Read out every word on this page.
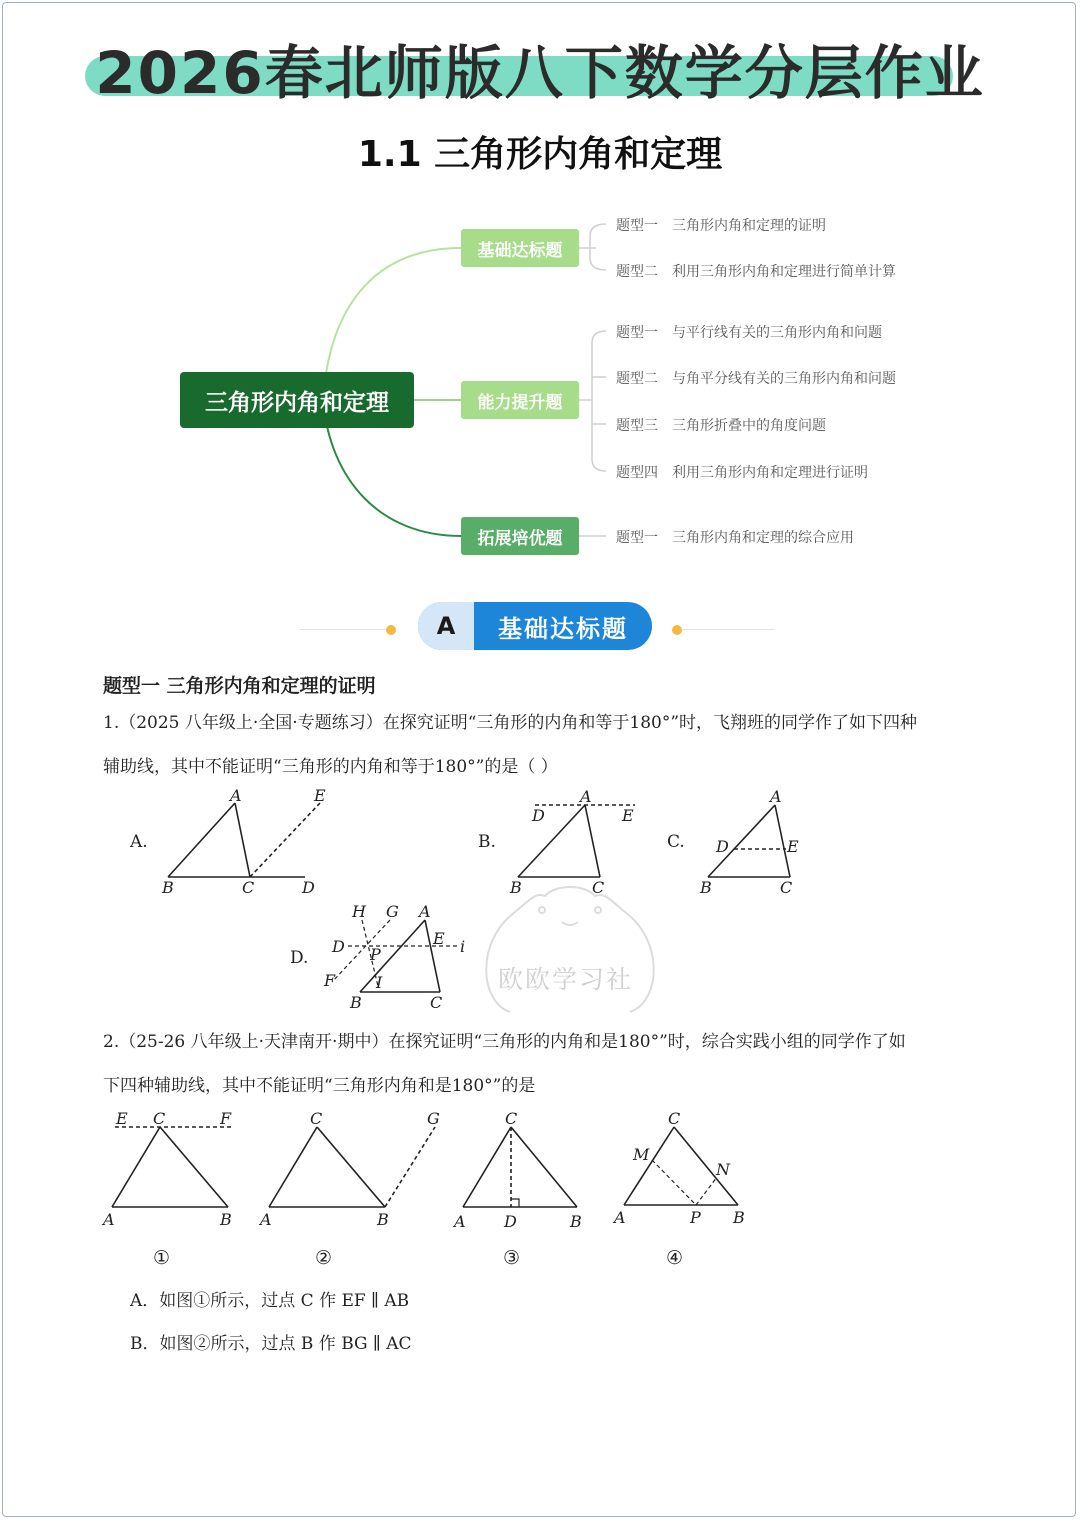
2026春北师版八下数学分层作业
1.1 三角形内角和定理
三角形内角和定理
基础达标题
能力提升题
拓展培优题
题型一 三角形内角和定理的证明
题型二 利用三角形内角和定理进行简单计算
题型一 与平行线有关的三角形内角和问题
题型二 与角平分线有关的三角形内角和问题
题型三 三角形折叠中的角度问题
题型四 利用三角形内角和定理进行证明
题型一 三角形内角和定理的综合应用
A	基础达标题
题型一 三角形内角和定理的证明
1.（2025 八年级上·全国·专题练习）在探究证明“三角形的内角和等于180°”时，飞翔班的同学作了如下四种
辅助线，其中不能证明“三角形的内角和等于180°”的是（ ）
A.
A	E
B	C	D
B.
A
D	E
B	C
C.
A
D	E
B	C
D.
H G A
D	E i
P
F	I
B	C
欧欧学习社
2.（25-26 八年级上·天津南开·期中）在探究证明“三角形的内角和是180°”时，综合实践小组的同学作了如
下四种辅助线，其中不能证明“三角形内角和是180°”的是
E C	F
A	B
C	G
A	B
C
A D	B
C
M
N
A	P B
①	②	③	④
A．如图①所示，过点 C 作 EF ∥ AB
B．如图②所示，过点 B 作 BG ∥ AC
